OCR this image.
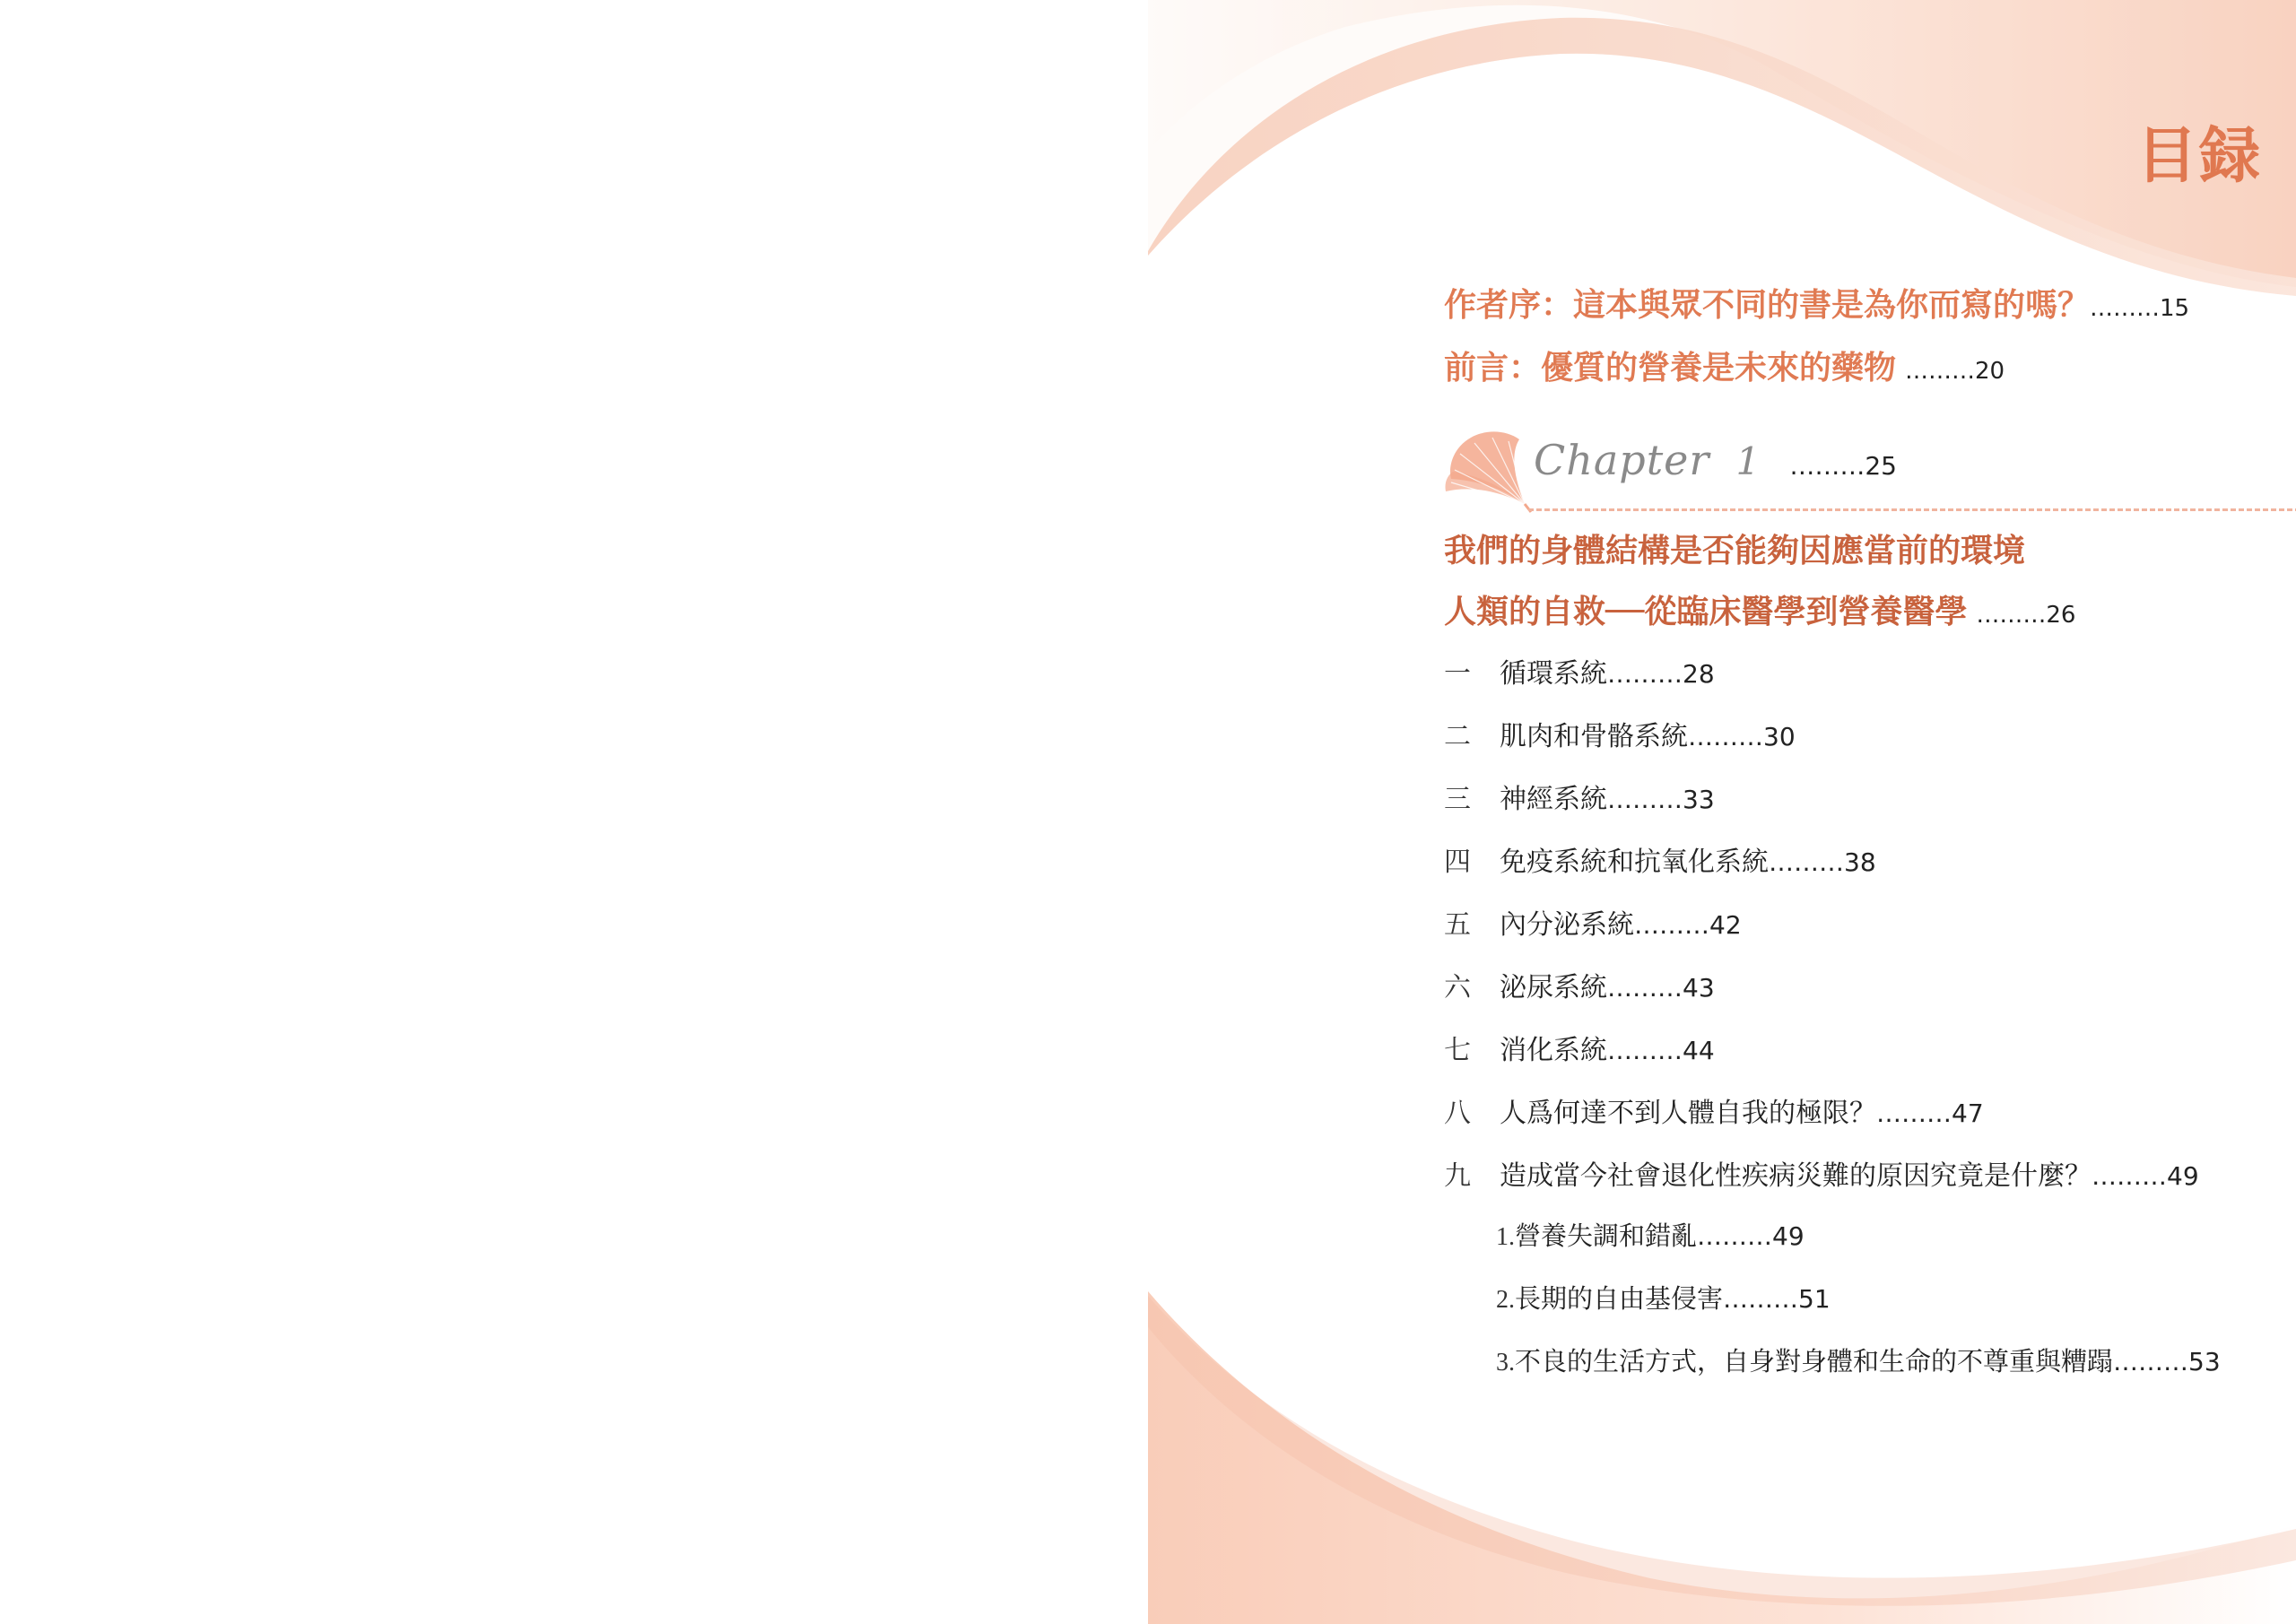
目録
作者序：這本與眾不同的書是為你而寫的嗎？………15
前言：優質的營養是未來的藥物 ………20
Chapter 1 ………25
我們的身體結構是否能夠因應當前的環境
人類的自救──從臨床醫學到營養醫學 ………26
一 循環系統………28
二 肌肉和骨骼系統………30
三 神經系統………33
四 免疫系統和抗氧化系統………38
五 內分泌系統………42
六 泌尿系統………43
七 消化系統………44
八 人爲何達不到人體自我的極限？………47
九 造成當今社會退化性疾病災難的原因究竟是什麼？………49
1.營養失調和錯亂………49
2.長期的自由基侵害………51
3.不良的生活方式，自身對身體和生命的不尊重與糟蹋………53
